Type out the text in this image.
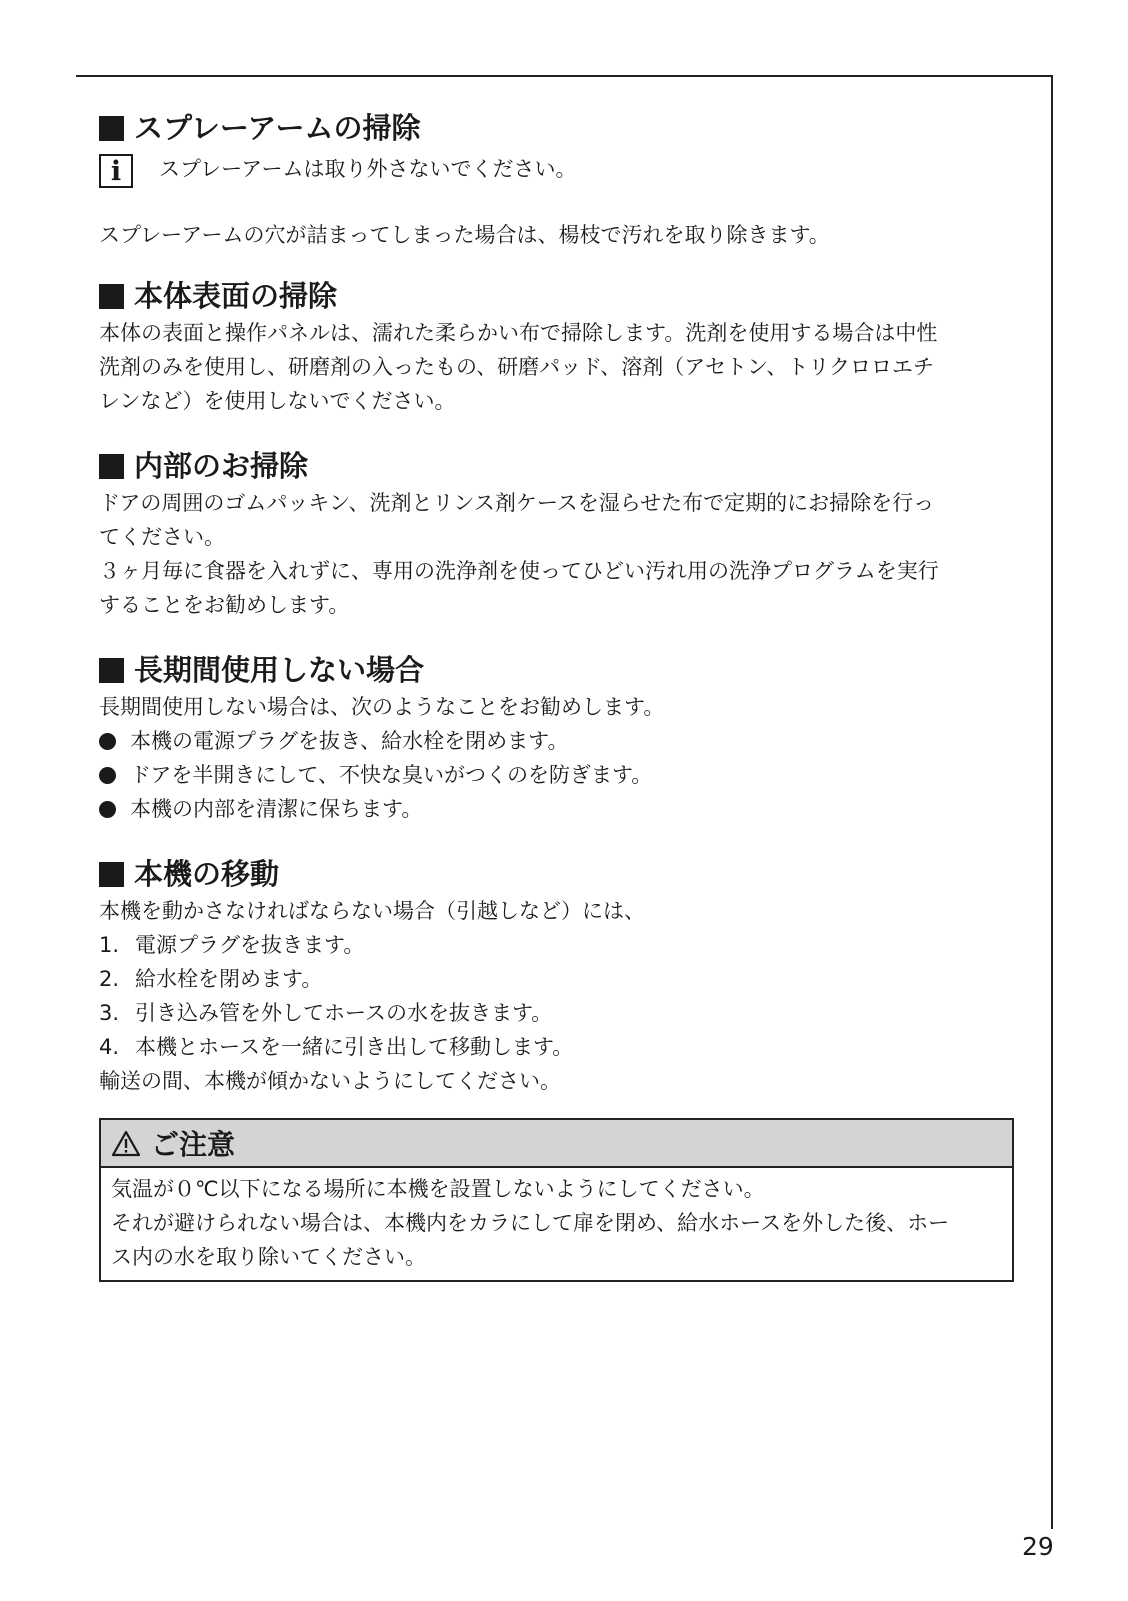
スプレーアームの掃除
i	スプレーアームは取り外さないでください。

スプレーアームの穴が詰まってしまった場合は、楊枝で汚れを取り除きます。

本体表面の掃除

本体の表面と操作パネルは、濡れた柔らかい布で掃除します。洗剤を使用する場合は中性

洗剤のみを使用し、研磨剤の入ったもの、研磨パッド、溶剤（アセトン、トリクロロエチ

レンなど）を使用しないでください。

内部のお掃除

ドアの周囲のゴムパッキン、洗剤とリンス剤ケースを湿らせた布で定期的にお掃除を行っ

てください。

３ヶ月毎に食器を入れずに、専用の洗浄剤を使ってひどい汚れ用の洗浄プログラムを実行

することをお勧めします。

長期間使用しない場合

長期間使用しない場合は、次のようなことをお勧めします。

本機の電源プラグを抜き、給水栓を閉めます。
ドアを半開きにして、不快な臭いがつくのを防ぎます。
本機の内部を清潔に保ちます。
本機の移動

本機を動かさなければならない場合（引越しなど）には、

1. 電源プラグを抜きます。
2. 給水栓を閉めます。
3. 引き込み管を外してホースの水を抜きます。
4. 本機とホースを一緒に引き出して移動します。

輸送の間、本機が傾かないようにしてください。

ご注意

気温が０℃以下になる場所に本機を設置しないようにしてください。

それが避けられない場合は、本機内をカラにして扉を閉め、給水ホースを外した後、ホー

ス内の水を取り除いてください。

29
